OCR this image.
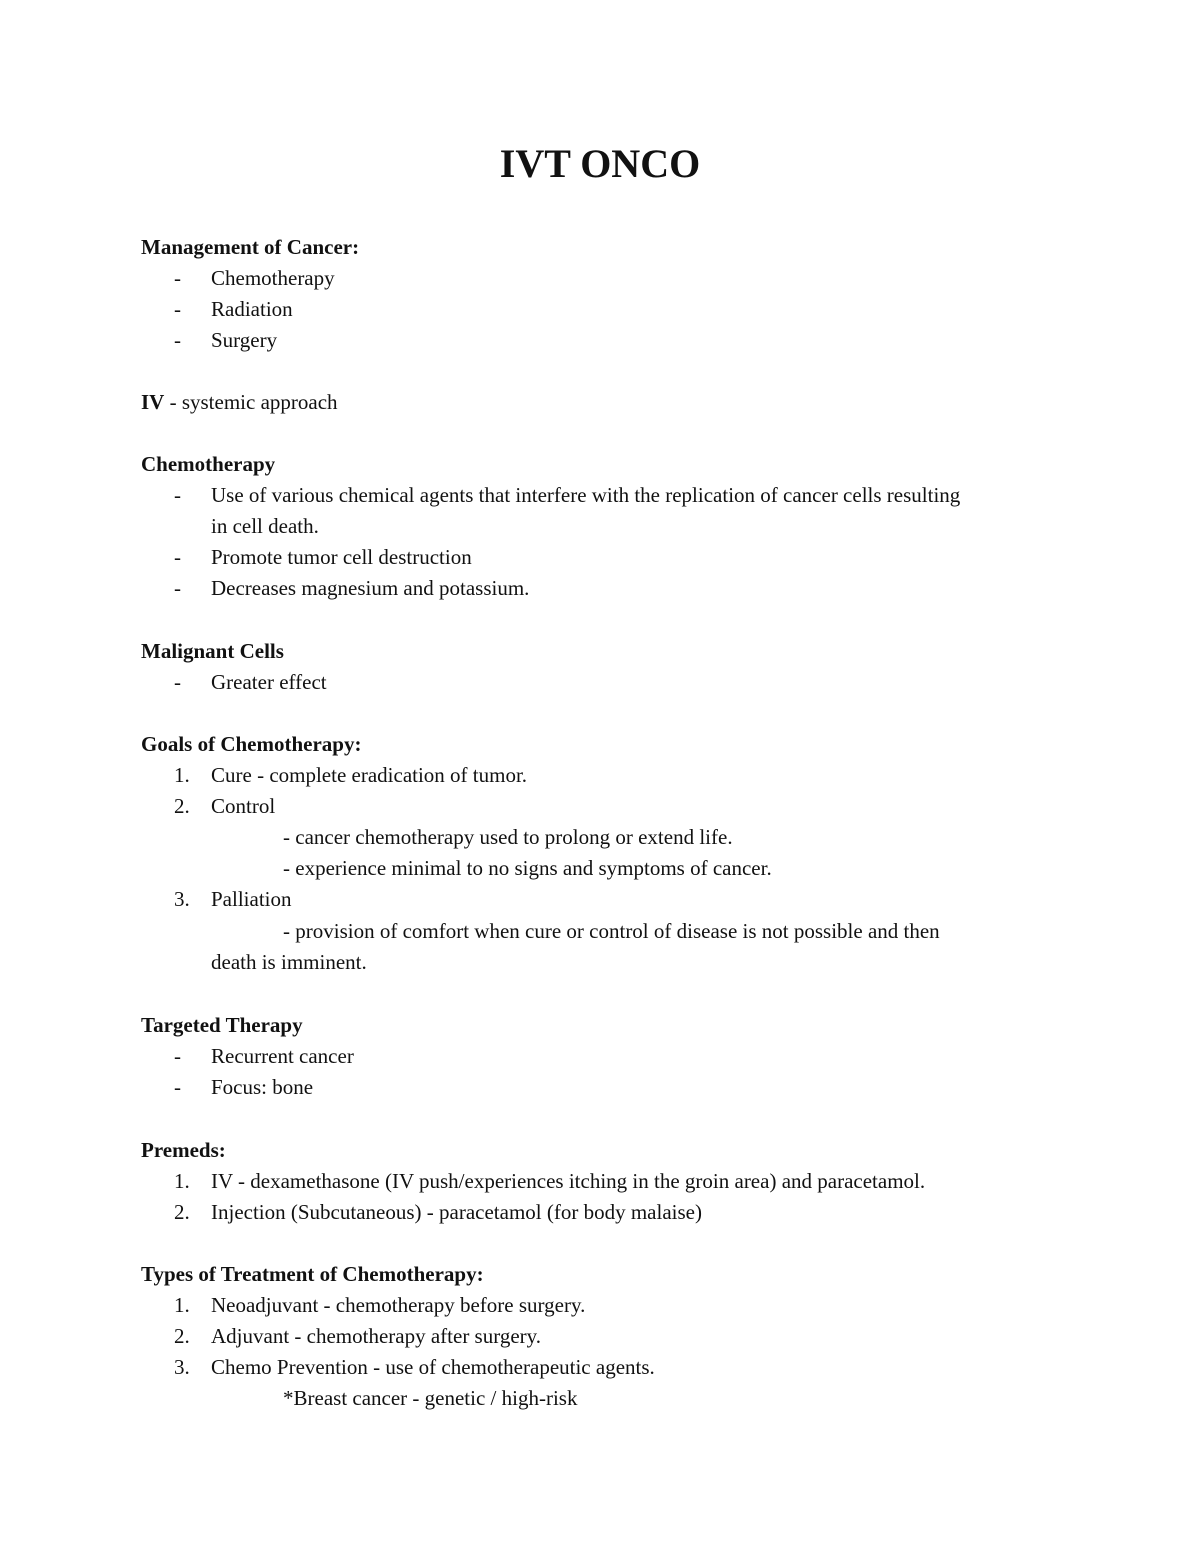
IVT ONCO
Management of Cancer:
-	Chemotherapy
-	Radiation
-	Surgery
IV - systemic approach
Chemotherapy
-	Use of various chemical agents that interfere with the replication of cancer cells resulting
in cell death.
-	Promote tumor cell destruction
-	Decreases magnesium and potassium.
Malignant Cells
-	Greater effect
Goals of Chemotherapy:
1.	Cure - complete eradication of tumor.
2.	Control
- cancer chemotherapy used to prolong or extend life.
- experience minimal to no signs and symptoms of cancer.
3.	Palliation
- provision of comfort when cure or control of disease is not possible and then
death is imminent.
Targeted Therapy
-	Recurrent cancer
-	Focus: bone
Premeds:
1.	IV - dexamethasone (IV push/experiences itching in the groin area) and paracetamol.
2.	Injection (Subcutaneous) - paracetamol (for body malaise)
Types of Treatment of Chemotherapy:
1.	Neoadjuvant - chemotherapy before surgery.
2.	Adjuvant - chemotherapy after surgery.
3.	Chemo Prevention - use of chemotherapeutic agents.
*Breast cancer - genetic / high-risk
